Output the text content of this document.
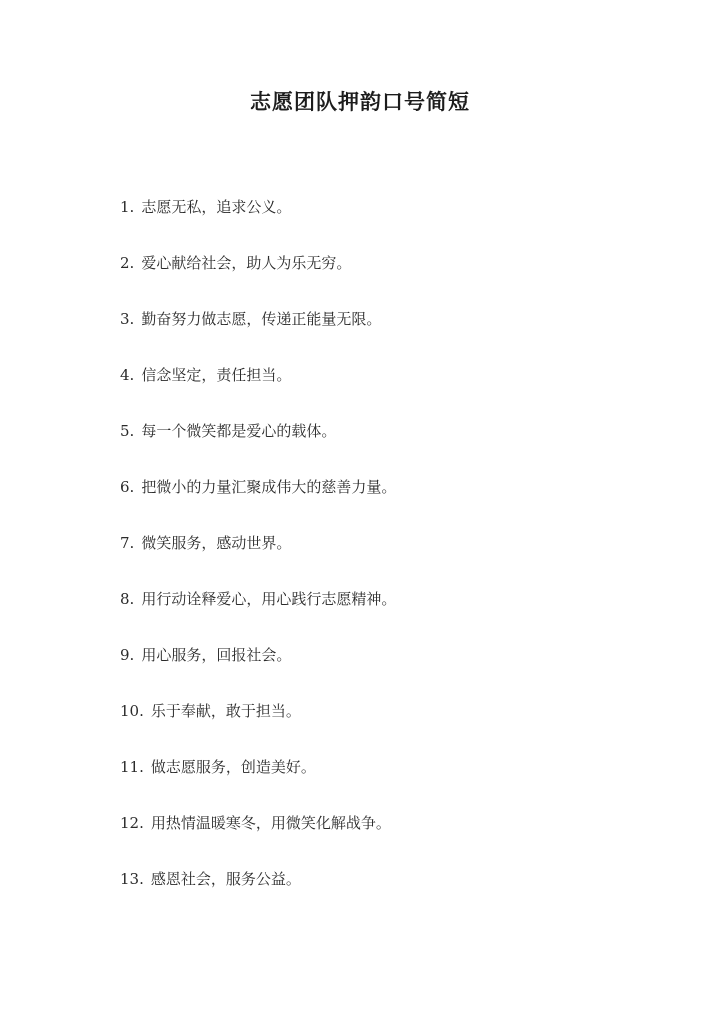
志愿团队押韵口号简短
1. 志愿无私，追求公义。
2. 爱心献给社会，助人为乐无穷。
3. 勤奋努力做志愿，传递正能量无限。
4. 信念坚定，责任担当。
5. 每一个微笑都是爱心的载体。
6. 把微小的力量汇聚成伟大的慈善力量。
7. 微笑服务，感动世界。
8. 用行动诠释爱心，用心践行志愿精神。
9. 用心服务，回报社会。
10. 乐于奉献，敢于担当。
11. 做志愿服务，创造美好。
12. 用热情温暖寒冬，用微笑化解战争。
13. 感恩社会，服务公益。
